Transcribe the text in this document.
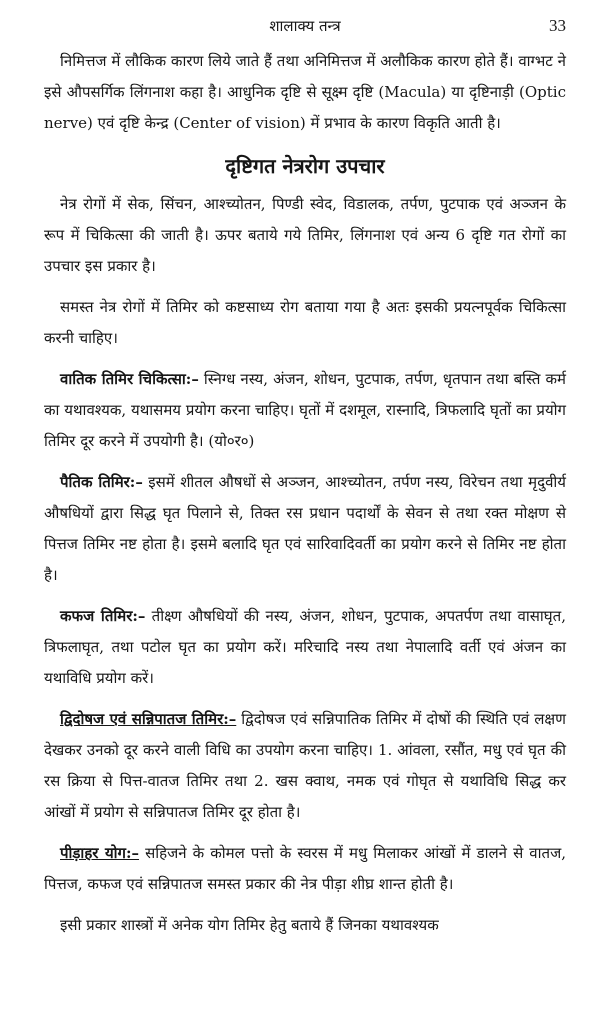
शालाक्य तन्त्र	33

निमित्तज में लौकिक कारण लिये जाते हैं तथा अनिमित्तज में अलौकिक कारण होते हैं। वाग्भट ने इसे औपसर्गिक लिंगनाश कहा है। आधुनिक दृष्टि से सूक्ष्म दृष्टि (Macula) या दृष्टिनाड़ी (Optic nerve) एवं दृष्टि केन्द्र (Center of vision) में प्रभाव के कारण विकृति आती है।

दृष्टिगत नेत्ररोग उपचार

नेत्र रोगों में सेक, सिंचन, आश्च्योतन, पिण्डी स्वेद, विडालक, तर्पण, पुटपाक एवं अञ्जन के रूप में चिकित्सा की जाती है। ऊपर बताये गये तिमिर, लिंगनाश एवं अन्य 6 दृष्टि गत रोगों का उपचार इस प्रकार है।

समस्त नेत्र रोगों में तिमिर को कष्टसाध्य रोग बताया गया है अतः इसकी प्रयत्नपूर्वक चिकित्सा करनी चाहिए।

वातिक तिमिर चिकित्सा:– स्निग्ध नस्य, अंजन, शोधन, पुटपाक, तर्पण, धृतपान तथा बस्ति कर्म का यथावश्यक, यथासमय प्रयोग करना चाहिए। घृतों में दशमूल, रास्नादि, त्रिफलादि घृतों का प्रयोग तिमिर दूर करने में उपयोगी है। (यो०र०)

पैतिक तिमिर:– इसमें शीतल औषधों से अञ्जन, आश्च्योतन, तर्पण नस्य, विरेचन तथा मृदुवीर्य औषधियों द्वारा सिद्ध घृत पिलाने से, तिक्त रस प्रधान पदार्थों के सेवन से तथा रक्त मोक्षण से पित्तज तिमिर नष्ट होता है। इसमे बलादि घृत एवं सारिवादिवर्ती का प्रयोग करने से तिमिर नष्ट होता है।

कफज तिमिर:– तीक्ष्ण औषधियों की नस्य, अंजन, शोधन, पुटपाक, अपतर्पण तथा वासाघृत, त्रिफलाघृत, तथा पटोल घृत का प्रयोग करें। मरिचादि नस्य तथा नेपालादि वर्ती एवं अंजन का यथाविधि प्रयोग करें।

द्विदोषज एवं सन्निपातज तिमिर:– द्विदोषज एवं सन्निपातिक तिमिर में दोषों की स्थिति एवं लक्षण देखकर उनको दूर करने वाली विधि का उपयोग करना चाहिए। 1. आंवला, रसौंत, मधु एवं घृत की रस क्रिया से पित्त-वातज तिमिर तथा 2. खस क्वाथ, नमक एवं गोघृत से यथाविधि सिद्ध कर आंखों में प्रयोग से सन्निपातज तिमिर दूर होता है।

पीड़ाहर योग:– सहिजने के कोमल पत्तो के स्वरस में मधु मिलाकर आंखों में डालने से वातज, पित्तज, कफज एवं सन्निपातज समस्त प्रकार की नेत्र पीड़ा शीघ्र शान्त होती है।

इसी प्रकार शास्त्रों में अनेक योग तिमिर हेतु बताये हैं जिनका यथावश्यक
